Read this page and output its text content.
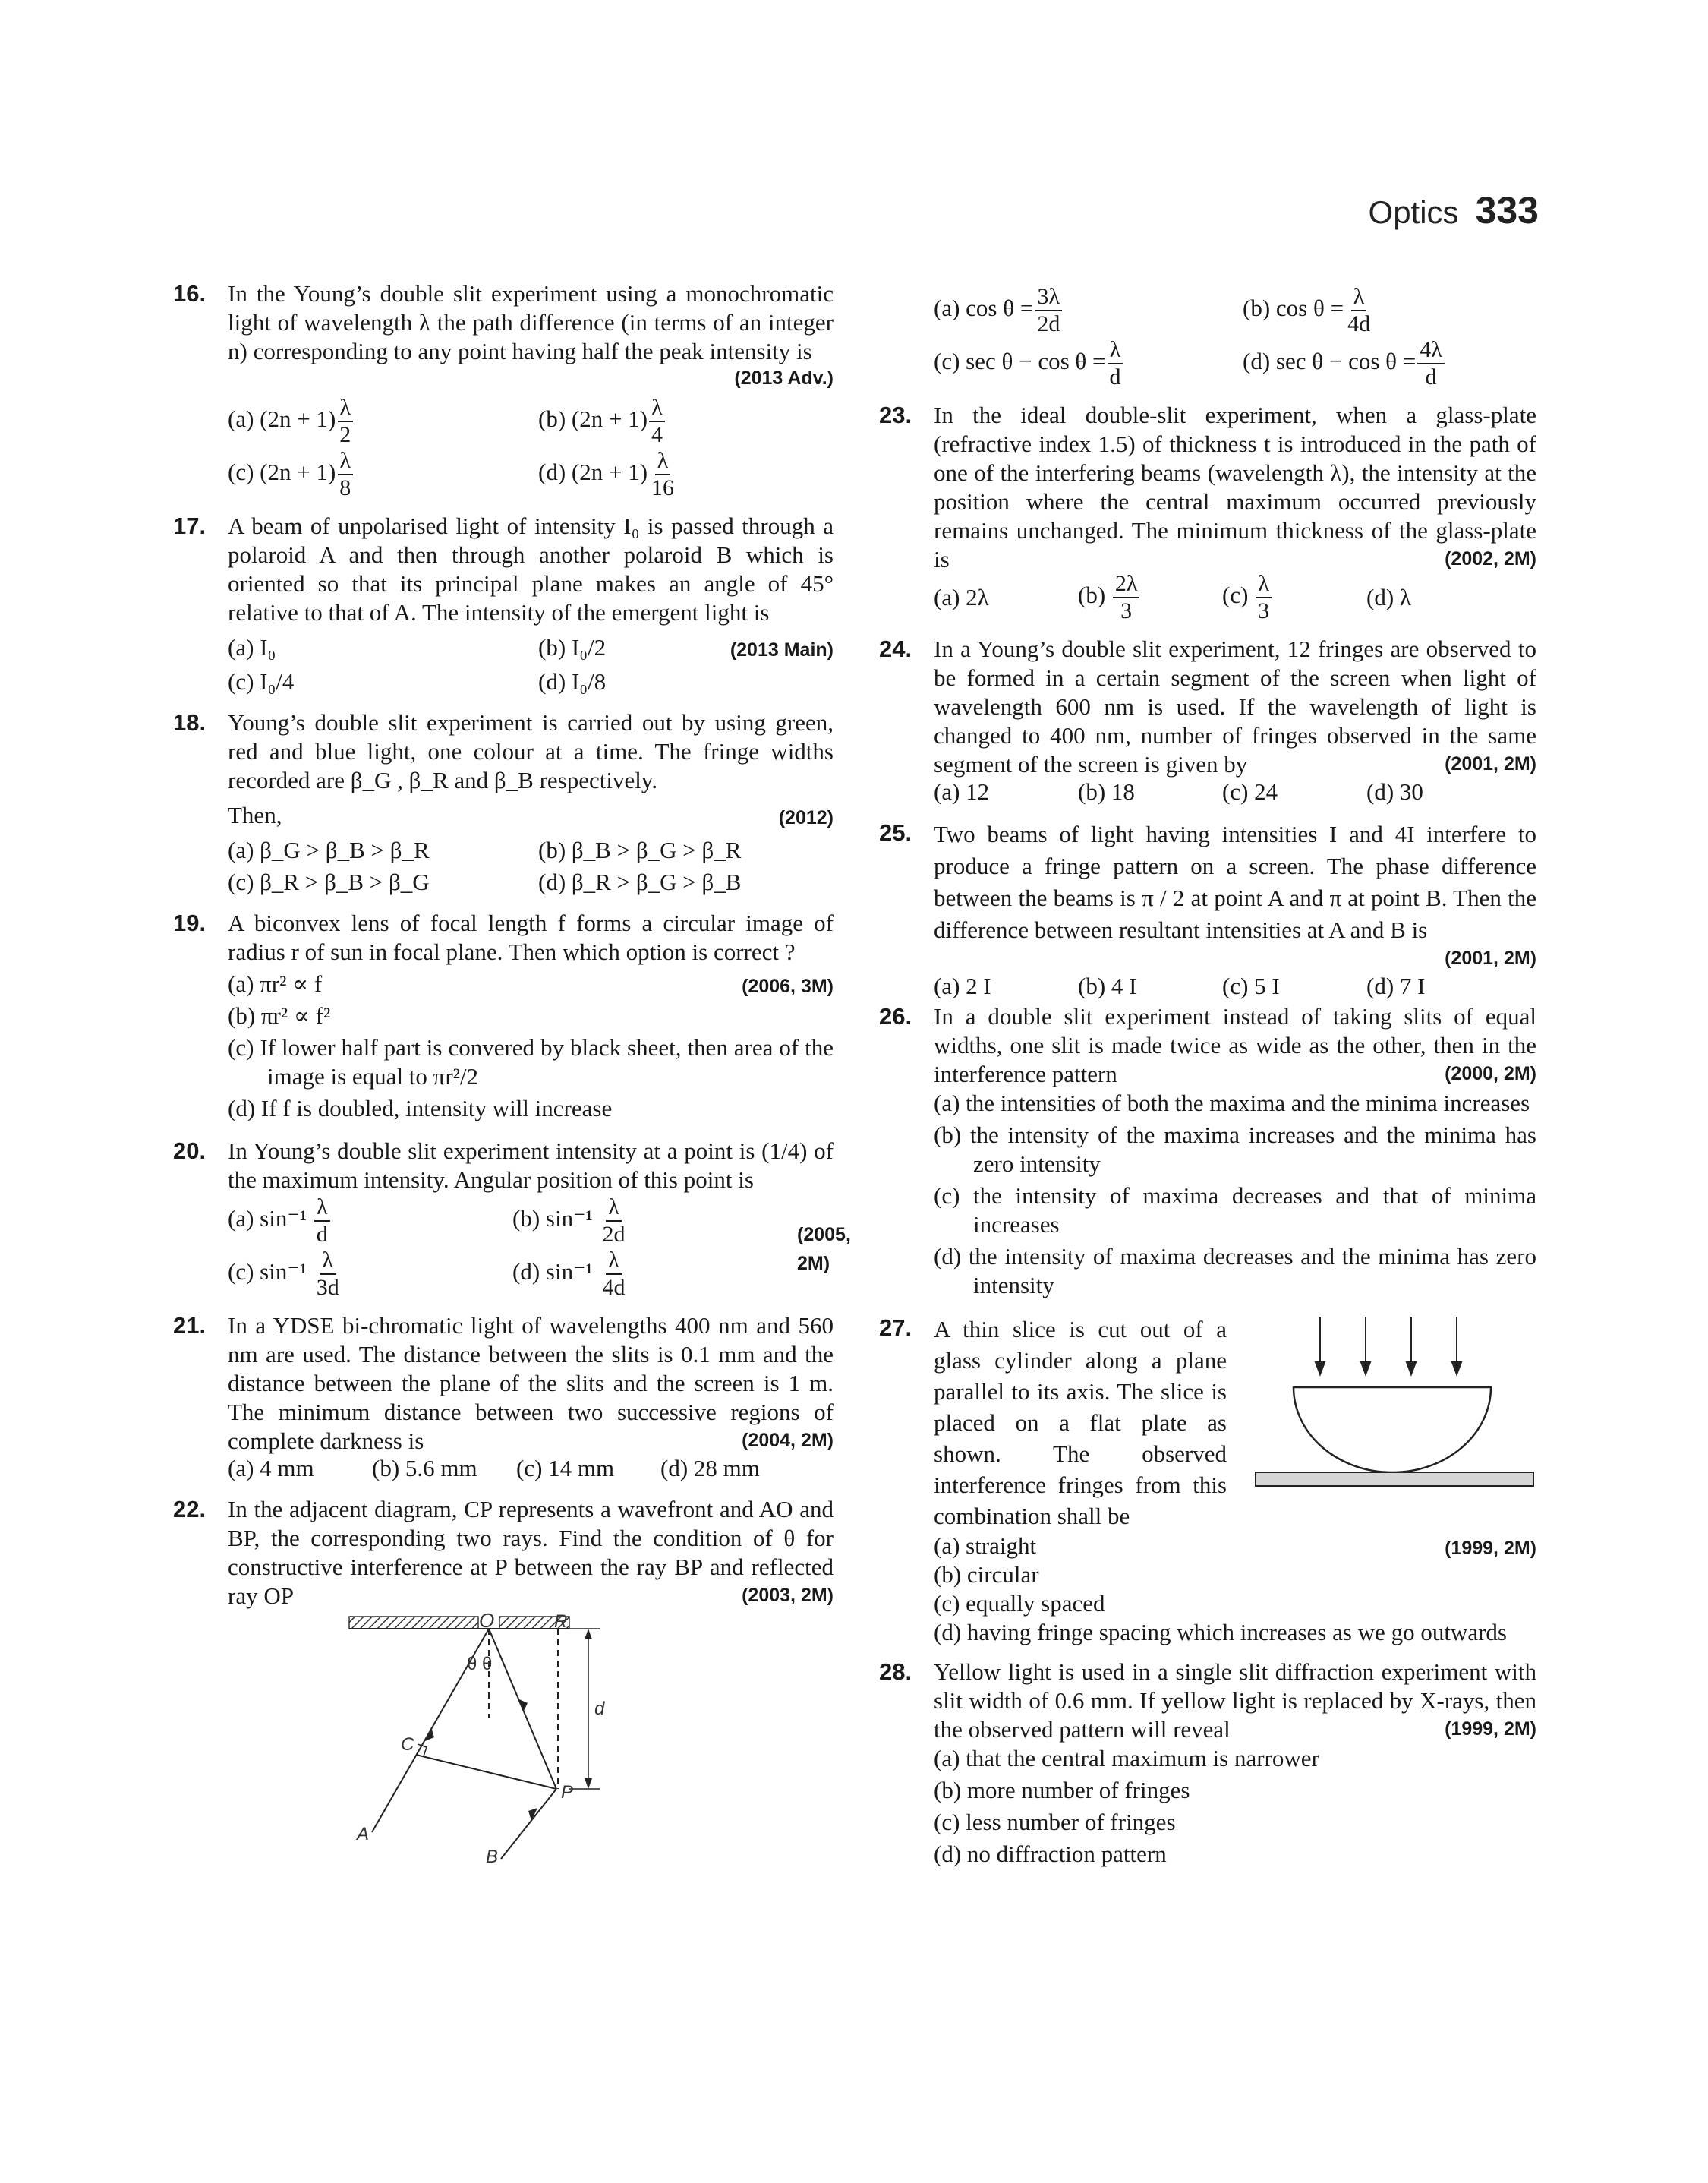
Optics 333
16. In the Young’s double slit experiment using a monochromatic light of wavelength λ the path difference (in terms of an integer n) corresponding to any point having half the peak intensity is

(2013 Adv.)
(a) $(2n + 1) \frac{\lambda}{2}$	(b) $(2n + 1) \frac{\lambda}{4}$
(c) $(2n + 1) \frac{\lambda}{8}$	(d) $(2n + 1) \frac{\lambda}{16}$
17. A beam of unpolarised light of intensity I₀ is passed through a polaroid A and then through another polaroid B which is oriented so that its principal plane makes an angle of 45° relative to that of A. The intensity of the emergent light is

(a) I₀	(b) I₀/2	(2013 Main)
(c) I₀/4	(d) I₀/8
18. Young’s double slit experiment is carried out by using green, red and blue light, one colour at a time. The fringe widths recorded are β_G , β_R and β_B respectively.

Then,	(2012)
(a) β_G > β_B > β_R	(b) β_B > β_G > β_R
(c) β_R > β_B > β_G	(d) β_R > β_G > β_B
19. A biconvex lens of focal length f forms a circular image of radius r of sun in focal plane. Then which option is correct ?

(a) πr² ∝ f	(2006, 3M)
(b) πr² ∝ f²
(c) If lower half part is convered by black sheet, then area of the image is equal to πr²/2
(d) If f is doubled, intensity will increase
20. In Young’s double slit experiment intensity at a point is (1/4) of the maximum intensity. Angular position of this point is

(a) $\sin^{-1} \frac{\lambda}{d}$	(b) $\sin^{-1} \frac{\lambda}{2d}$	(2005, 2M)
(c) $\sin^{-1} \frac{\lambda}{3d}$	(d) $\sin^{-1} \frac{\lambda}{4d}$
21. In a YDSE bi-chromatic light of wavelengths 400 nm and 560 nm are used. The distance between the slits is 0.1 mm and the distance between the plane of the slits and the screen is 1 m. The minimum distance between two successive regions of complete darkness is	(2004, 2M)
(a) 4 mm	(b) 5.6 mm	(c) 14 mm	(d) 28 mm
22. In the adjacent diagram, CP represents a wavefront and AO and BP, the corresponding two rays. Find the condition of θ for constructive interference at P between the ray BP and reflected ray OP	(2003, 2M)
O	R
θ θ
C
A
B
P
d
(a) $\cos \theta = \frac{3\lambda}{2d}$	(b) $\cos \theta = \frac{\lambda}{4d}$
(c) $\sec \theta - \cos \theta = \frac{\lambda}{d}$	(d) $\sec \theta - \cos \theta = \frac{4\lambda}{d}$
23. In the ideal double-slit experiment, when a glass-plate (refractive index 1.5) of thickness t is introduced in the path of one of the interfering beams (wavelength λ), the intensity at the position where the central maximum occurred previously remains unchanged. The minimum thickness of the glass-plate is	(2002, 2M)
(a) 2λ	$(b) \frac{2\lambda}{3}$	$(c) \frac{\lambda}{3}$	(d) λ
24. In a Young’s double slit experiment, 12 fringes are observed to be formed in a certain segment of the screen when light of wavelength 600 nm is used. If the wavelength of light is changed to 400 nm, number of fringes observed in the same segment of the screen is given by	(2001, 2M)
(a) 12	(b) 18	(c) 24	(d) 30
25. Two beams of light having intensities I and 4I interfere to produce a fringe pattern on a screen. The phase difference between the beams is π / 2 at point A and π at point B. Then the difference between resultant intensities at A and B is

(2001, 2M)
(a) 2 I	(b) 4 I	(c) 5 I	(d) 7 I
26. In a double slit experiment instead of taking slits of equal widths, one slit is made twice as wide as the other, then in the interference pattern	(2000, 2M)
(a) the intensities of both the maxima and the minima increases
(b) the intensity of the maxima increases and the minima has zero intensity
(c) the intensity of maxima decreases and that of minima increases
(d) the intensity of maxima decreases and the minima has zero intensity
27. A thin slice is cut out of a glass cylinder along a plane parallel to its axis. The slice is placed on a flat plate as shown. The observed interference fringes from this combination shall be

(a) straight	(1999, 2M)
(b) circular
(c) equally spaced
(d) having fringe spacing which increases as we go outwards
28. Yellow light is used in a single slit diffraction experiment with slit width of 0.6 mm. If yellow light is replaced by X-rays, then the observed pattern will reveal	(1999, 2M)
(a) that the central maximum is narrower
(b) more number of fringes
(c) less number of fringes
(d) no diffraction pattern
